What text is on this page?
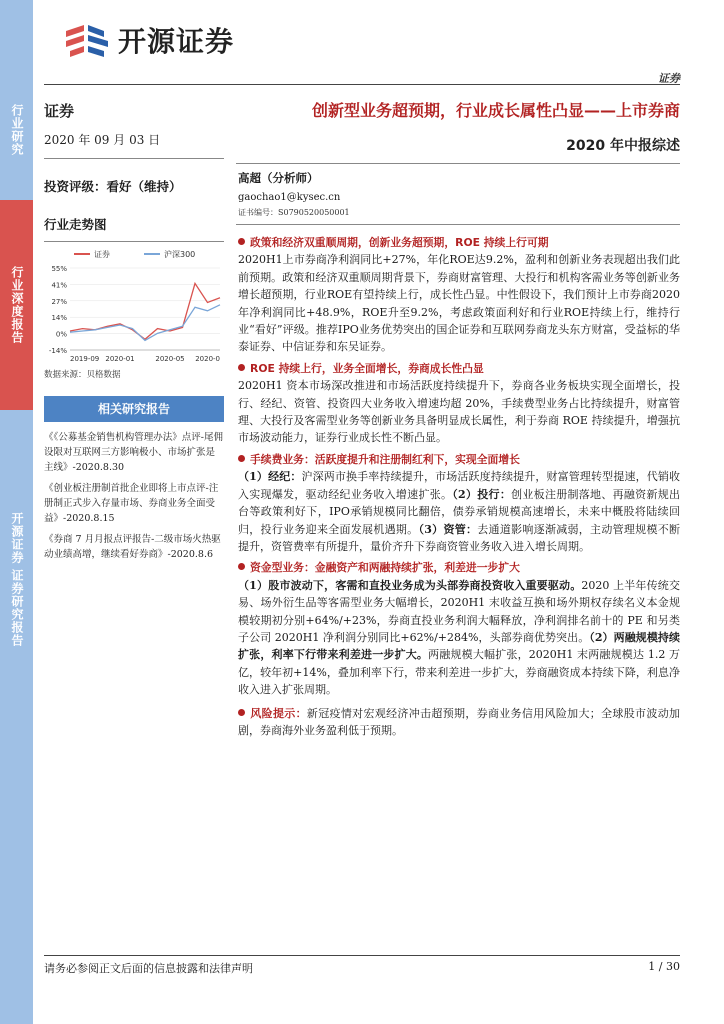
行业研究
行业深度报告
开源证券 证券研究报告
开源证券
证券
证券
2020 年 09 月 03 日
投资评级：看好（维持）
行业走势图
证券	沪深300
55%
41%
27%
14%
0%
-14%
2019-09 2020-01	2020-05 2020-0
数据来源：贝格数据
相关研究报告
《《公募基金销售机构管理办法》点评-尾佣设限对互联网三方影响极小、市场扩张是主线》-2020.8.30
《创业板注册制首批企业即将上市点评-注册制正式步入存量市场、券商业务全面受益》-2020.8.15
《券商 7 月月报点评报告-二级市场火热驱动业绩高增，继续看好券商》-2020.8.6
创新型业务超预期，行业成长属性凸显——上市券商
2020 年中报综述
高超（分析师）
gaochao1@kysec.cn
证书编号：S0790520050001
政策和经济双重顺周期，创新业务超预期，ROE 持续上行可期
2020H1上市券商净利润同比+27%，年化ROE达9.2%，盈利和创新业务表现超出我们此前预期。政策和经济双重顺周期背景下，券商财富管理、大投行和机构客需业务等创新业务增长超预期，行业ROE有望持续上行，成长性凸显。中性假设下，我们预计上市券商2020年净利润同比+48.9%，ROE升至9.2%，考虑政策面利好和行业ROE持续上行，维持行业“看好”评级。推荐IPO业务优势突出的国企证券和互联网券商龙头东方财富，受益标的华泰证券、中信证券和东吴证券。
ROE 持续上行，业务全面增长，券商成长性凸显
2020H1 资本市场深改推进和市场活跃度持续提升下，券商各业务板块实现全面增长，投行、经纪、资管、投资四大业务收入增速均超 20%，手续费型业务占比持续提升，财富管理、大投行及客需型业务等创新业务具备明显成长属性，利于券商 ROE 持续提升，增强抗市场波动能力，证券行业成长性不断凸显。
手续费业务：活跃度提升和注册制红利下，实现全面增长
（1）经纪：沪深两市换手率持续提升，市场活跃度持续提升，财富管理转型提速，代销收入实现爆发，驱动经纪业务收入增速扩张。（2）投行：创业板注册制落地、再融资新规出台等政策利好下，IPO承销规模同比翻倍，债券承销规模高速增长，未来中概股将陆续回归，投行业务迎来全面发展机遇期。（3）资管：去通道影响逐渐减弱，主动管理规模不断提升，资管费率有所提升，量价齐升下券商资管业务收入进入增长周期。
资金型业务：金融资产和两融持续扩张，利差进一步扩大
（1）股市波动下，客需和直投业务成为头部券商投资收入重要驱动。2020 上半年传统交易、场外衍生品等客需型业务大幅增长，2020H1 末收益互换和场外期权存续名义本金规模较期初分别+64%/+23%，券商直投业务利润大幅释放，净利润排名前十的 PE 和另类子公司 2020H1 净利润分别同比+62%/+284%，头部券商优势突出。（2）两融规模持续扩张，利率下行带来利差进一步扩大。两融规模大幅扩张，2020H1 末两融规模达 1.2 万亿，较年初+14%，叠加利率下行，带来利差进一步扩大，券商融资成本持续下降，利息净收入进入扩张周期。
风险提示：新冠疫情对宏观经济冲击超预期，券商业务信用风险加大；全球股市波动加剧，券商海外业务盈利低于预期。
请务必参阅正文后面的信息披露和法律声明	1 / 30
